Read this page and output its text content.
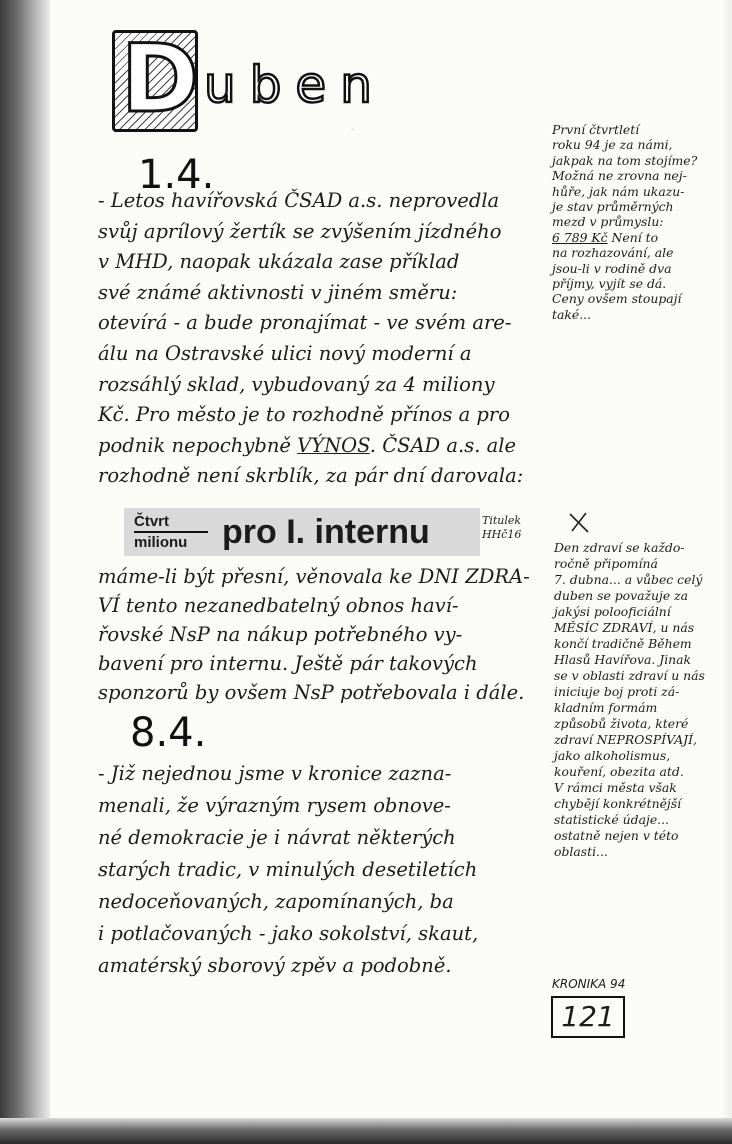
D uben
·
1.4.
- Letos havířovská ČSAD a.s. neprovedla
svůj aprílový žertík se zvýšením jízdného
v MHD, naopak ukázala zase příklad
své známé aktivnosti v jiném směru:
otevírá - a bude pronajímat - ve svém are-
álu na Ostravské ulici nový moderní a
rozsáhlý sklad, vybudovaný za 4 miliony
Kč. Pro město je to rozhodně přínos a pro
podnik nepochybně VÝNOS. ČSAD a.s. ale
rozhodně není skrblík, za pár dní darovala:
Čtvrt
milionu	pro I. internu	Titulek
HHč16
máme-li být přesní, věnovala ke DNI ZDRA-
VÍ tento nezanedbatelný obnos haví-
řovské NsP na nákup potřebného vy-
bavení pro internu. Ještě pár takových
sponzorů by ovšem NsP potřebovala i dále.
8.4.
- Již nejednou jsme v kronice zazna-
menali, že výrazným rysem obnove-
né demokracie je i návrat některých
starých tradic, v minulých desetiletích
nedoceňovaných, zapomínaných, ba
i potlačovaných - jako sokolství, skaut,
amatérský sborový zpěv a podobně.
První čtvrtletí
roku 94 je za námi,
jakpak na tom stojíme?
Možná ne zrovna nej-
hůře, jak nám ukazu-
je stav průměrných
mezd v průmyslu:
6 789 Kč Není to
na rozhazování, ale
jsou-li v rodině dva
příjmy, vyjít se dá.
Ceny ovšem stoupají
také...
Den zdraví se každo-
ročně připomíná
7. dubna... a vůbec celý
duben se považuje za
jakýsi polooficiální
MĚSÍC ZDRAVÍ, u nás
končí tradičně Během
Hlasů Havířova. Jinak
se v oblasti zdraví u nás
iniciuje boj proti zá-
kladním formám
způsobů života, které
zdraví NEPROSPÍVAJÍ,
jako alkoholismus,
kouření, obezita atd.
V rámci města však
chybějí konkrétnější
statistické údaje...
ostatně nejen v této
oblasti...
KRONIKA 94
121
